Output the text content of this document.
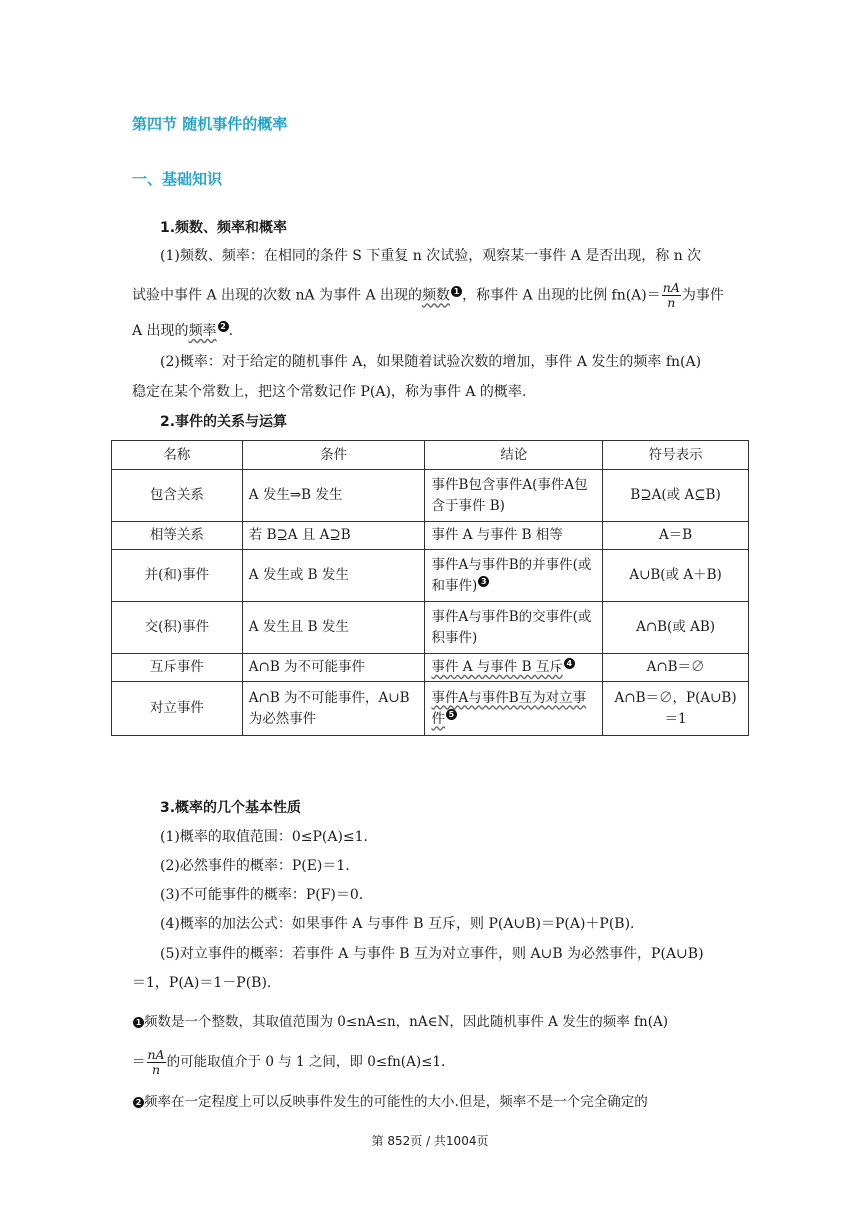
第四节 随机事件的概率
一、基础知识
1.频数、频率和概率
(1)频数、频率：在相同的条件 S 下重复 n 次试验，观察某一事件 A 是否出现，称 n 次
试验中事件 A 出现的次数 nA 为事件 A 出现的频数 1 ，称事件 A 出现的比例 $fn(A)= \frac{nA}{n}$ 为事件
A 出现的频率 2 .
(2)概率：对于给定的随机事件 A，如果随着试验次数的增加，事件 A 发生的频率 fn(A)
稳定在某个常数上，把这个常数记作 P(A)，称为事件 A 的概率.
2.事件的关系与运算
名称	条件	结论	符号表示
包含关系	A 发生⇒B 发生	事件B包含事件A(事件A包含于事件 B)	B⊇A(或 A⊆B)
相等关系	若 B⊇A 且 A⊇B	事件 A 与事件 B 相等	A＝B
并(和)事件	A 发生或 B 发生	事件A与事件B的并事件(或和事件) 3	A∪B(或 A＋B)
交(积)事件	A 发生且 B 发生	事件A与事件B的交事件(或积事件)	A∩B(或 AB)
互斥事件	A∩B 为不可能事件	事件 A 与事件 B 互斥 4	A∩B＝∅
对立事件	A∩B 为不可能事件，A∪B 为必然事件	事件A与事件B互为对立事件 5	A∩B＝∅，P(A∪B)＝1
3.概率的几个基本性质
(1)概率的取值范围：0≤P(A)≤1.
(2)必然事件的概率：P(E)＝1.
(3)不可能事件的概率：P(F)＝0.
(4)概率的加法公式：如果事件 A 与事件 B 互斥，则 P(A∪B)＝P(A)＋P(B).
(5)对立事件的概率：若事件 A 与事件 B 互为对立事件，则 A∪B 为必然事件，P(A∪B)
＝1，P(A)＝1－P(B).
1 频数是一个整数，其取值范围为 0≤nA≤n，nA∈N，因此随机事件 A 发生的频率 fn(A)
＝ $\frac{nA}{n}$ 的可能取值介于 0 与 1 之间，即 0≤fn(A)≤1.
2 频率在一定程度上可以反映事件发生的可能性的大小.但是，频率不是一个完全确定的
第 852页 / 共1004页
